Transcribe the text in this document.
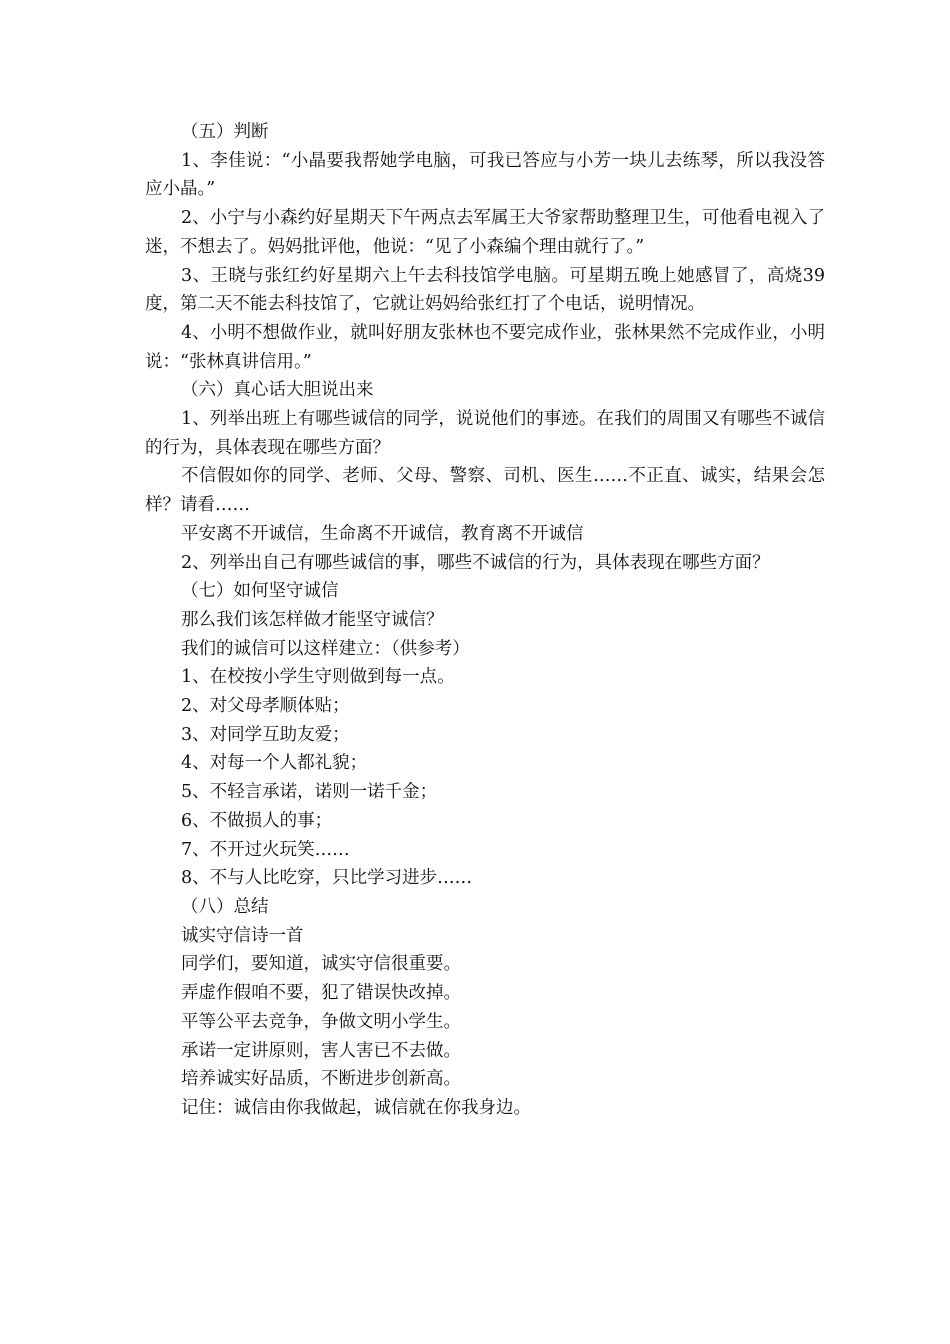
（五）判断

1、李佳说：“小晶要我帮她学电脑，可我已答应与小芳一块儿去练琴，所以我没答应小晶。”

2、小宁与小森约好星期天下午两点去军属王大爷家帮助整理卫生，可他看电视入了迷，不想去了。妈妈批评他，他说：“见了小森编个理由就行了。”

3、王晓与张红约好星期六上午去科技馆学电脑。可星期五晚上她感冒了，高烧39度，第二天不能去科技馆了，它就让妈妈给张红打了个电话，说明情况。

4、小明不想做作业，就叫好朋友张林也不要完成作业，张林果然不完成作业，小明说：“张林真讲信用。”

（六）真心话大胆说出来

1、列举出班上有哪些诚信的同学，说说他们的事迹。在我们的周围又有哪些不诚信的行为，具体表现在哪些方面？

不信假如你的同学、老师、父母、警察、司机、医生……不正直、诚实，结果会怎样？请看……

平安离不开诚信，生命离不开诚信，教育离不开诚信

2、列举出自己有哪些诚信的事，哪些不诚信的行为，具体表现在哪些方面？

（七）如何坚守诚信

那么我们该怎样做才能坚守诚信？

我们的诚信可以这样建立：（供参考）

1、在校按小学生守则做到每一点。

2、对父母孝顺体贴；

3、对同学互助友爱；

4、对每一个人都礼貌；

5、不轻言承诺，诺则一诺千金；

6、不做损人的事；

7、不开过火玩笑……

8、不与人比吃穿，只比学习进步……

（八）总结

诚实守信诗一首

同学们，要知道，诚实守信很重要。

弄虚作假咱不要，犯了错误快改掉。

平等公平去竞争，争做文明小学生。

承诺一定讲原则，害人害已不去做。

培养诚实好品质，不断进步创新高。

记住：诚信由你我做起，诚信就在你我身边。
